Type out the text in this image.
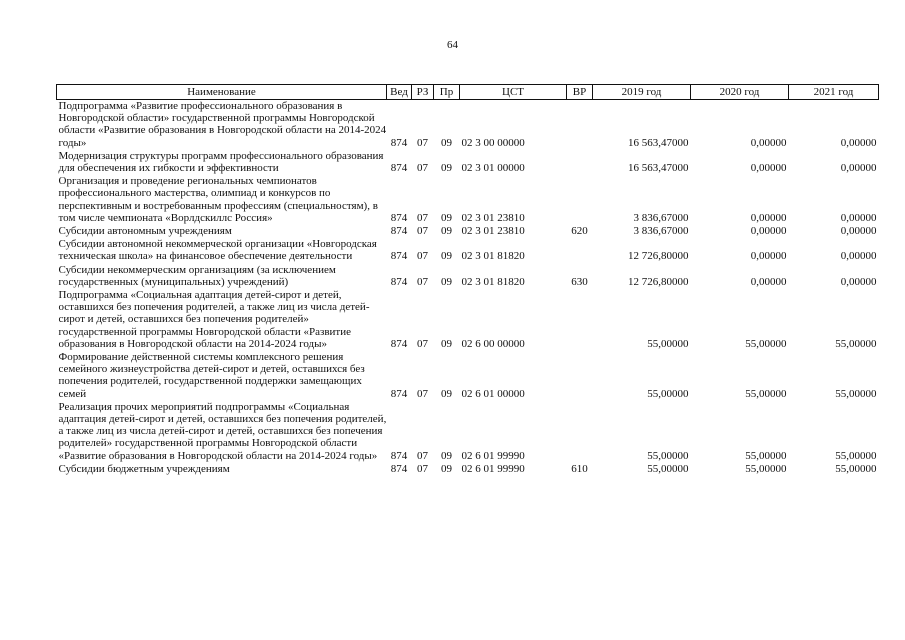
64
Наименование	Вед	РЗ	Пр	ЦСТ	ВР	2019 год	2020 год	2021 год
Подпрограмма «Развитие профессионального образования в Новгородской области» государственной программы Новгородской области «Развитие образования в Новгородской области на 2014-2024 годы»	874	07	09	02 3 00 00000		16 563,47000	0,00000	0,00000
Модернизация структуры программ профессионального образования для обеспечения их гибкости и эффективности	874	07	09	02 3 01 00000		16 563,47000	0,00000	0,00000
Организация и проведение региональных чемпионатов профессионального мастерства, олимпиад и конкурсов по перспективным и востребованным профессиям (специальностям), в том числе чемпионата «Ворлдскиллс Россия»	874	07	09	02 3 01 23810		3 836,67000	0,00000	0,00000
Субсидии автономным учреждениям	874	07	09	02 3 01 23810	620	3 836,67000	0,00000	0,00000
Субсидии автономной некоммерческой организации «Новгородская техническая школа» на финансовое обеспечение деятельности	874	07	09	02 3 01 81820		12 726,80000	0,00000	0,00000
Субсидии некоммерческим организациям (за исключением государственных (муниципальных) учреждений)	874	07	09	02 3 01 81820	630	12 726,80000	0,00000	0,00000
Подпрограмма «Социальная адаптация детей-сирот и детей, оставшихся без попечения родителей, а также лиц из числа детей-сирот и детей, оставшихся без попечения родителей» государственной программы Новгородской области «Развитие образования в Новгородской области на 2014-2024 годы»	874	07	09	02 6 00 00000		55,00000	55,00000	55,00000
Формирование действенной системы комплексного решения семейного жизнеустройства детей-сирот и детей, оставшихся без попечения родителей, государственной поддержки замещающих семей	874	07	09	02 6 01 00000		55,00000	55,00000	55,00000
Реализация прочих мероприятий подпрограммы «Социальная адаптация детей-сирот и детей, оставшихся без попечения родителей, а также лиц из числа детей-сирот и детей, оставшихся без попечения родителей» государственной программы Новгородской области «Развитие образования в Новгородской области на 2014-2024 годы»	874	07	09	02 6 01 99990		55,00000	55,00000	55,00000
Субсидии бюджетным учреждениям	874	07	09	02 6 01 99990	610	55,00000	55,00000	55,00000
